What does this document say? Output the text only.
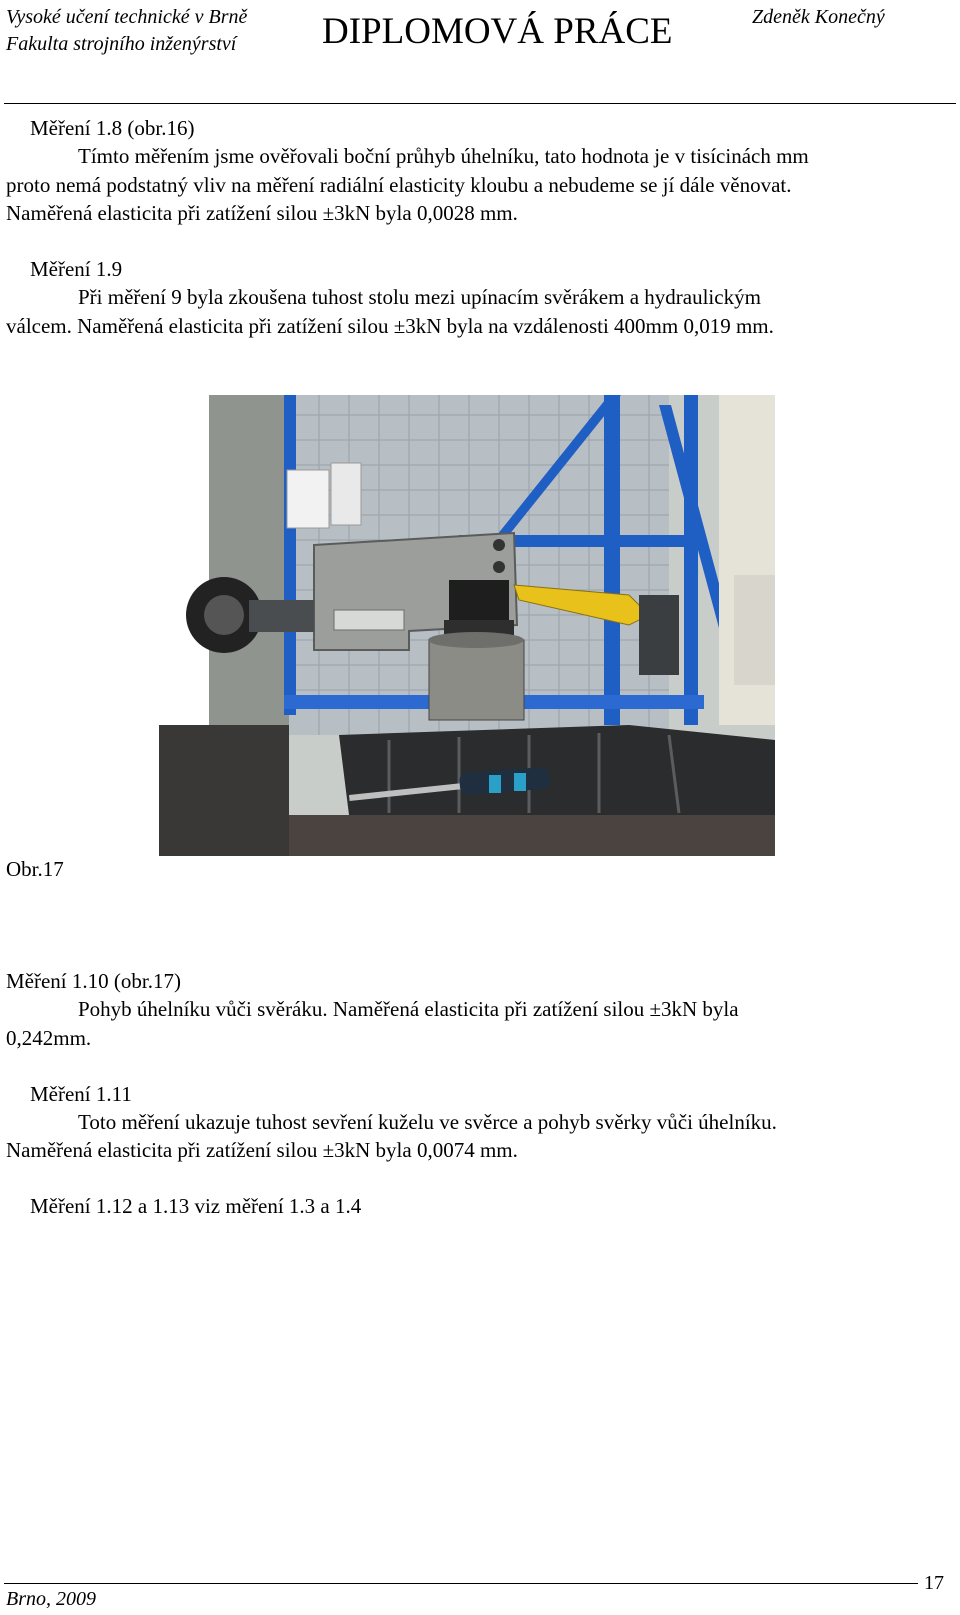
Vysoké učení technické v Brně
Fakulta strojního inženýrství DIPLOMOVÁ PRÁCE	Zdeněk Konečný
Měření 1.8 (obr.16)
Tímto měřením jsme ověřovali boční průhyb úhelníku, tato hodnota je v tisícinách mm
proto nemá podstatný vliv na měření radiální elasticity kloubu a nebudeme se jí dále věnovat.
Naměřená elasticita při zatížení silou ±3kN byla 0,0028 mm.
Měření 1.9
Při měření 9 byla zkoušena tuhost stolu mezi upínacím svěrákem a hydraulickým
válcem. Naměřená elasticita při zatížení silou ±3kN byla na vzdálenosti 400mm 0,019 mm.
Obr.17
Měření 1.10 (obr.17)
Pohyb úhelníku vůči svěráku. Naměřená elasticita při zatížení silou ±3kN byla
0,242mm.
Měření 1.11
Toto měření ukazuje tuhost sevření kuželu ve svěrce a pohyb svěrky vůči úhelníku.
Naměřená elasticita při zatížení silou ±3kN byla 0,0074 mm.
Měření 1.12 a 1.13 viz měření 1.3 a 1.4
Brno, 2009
17
